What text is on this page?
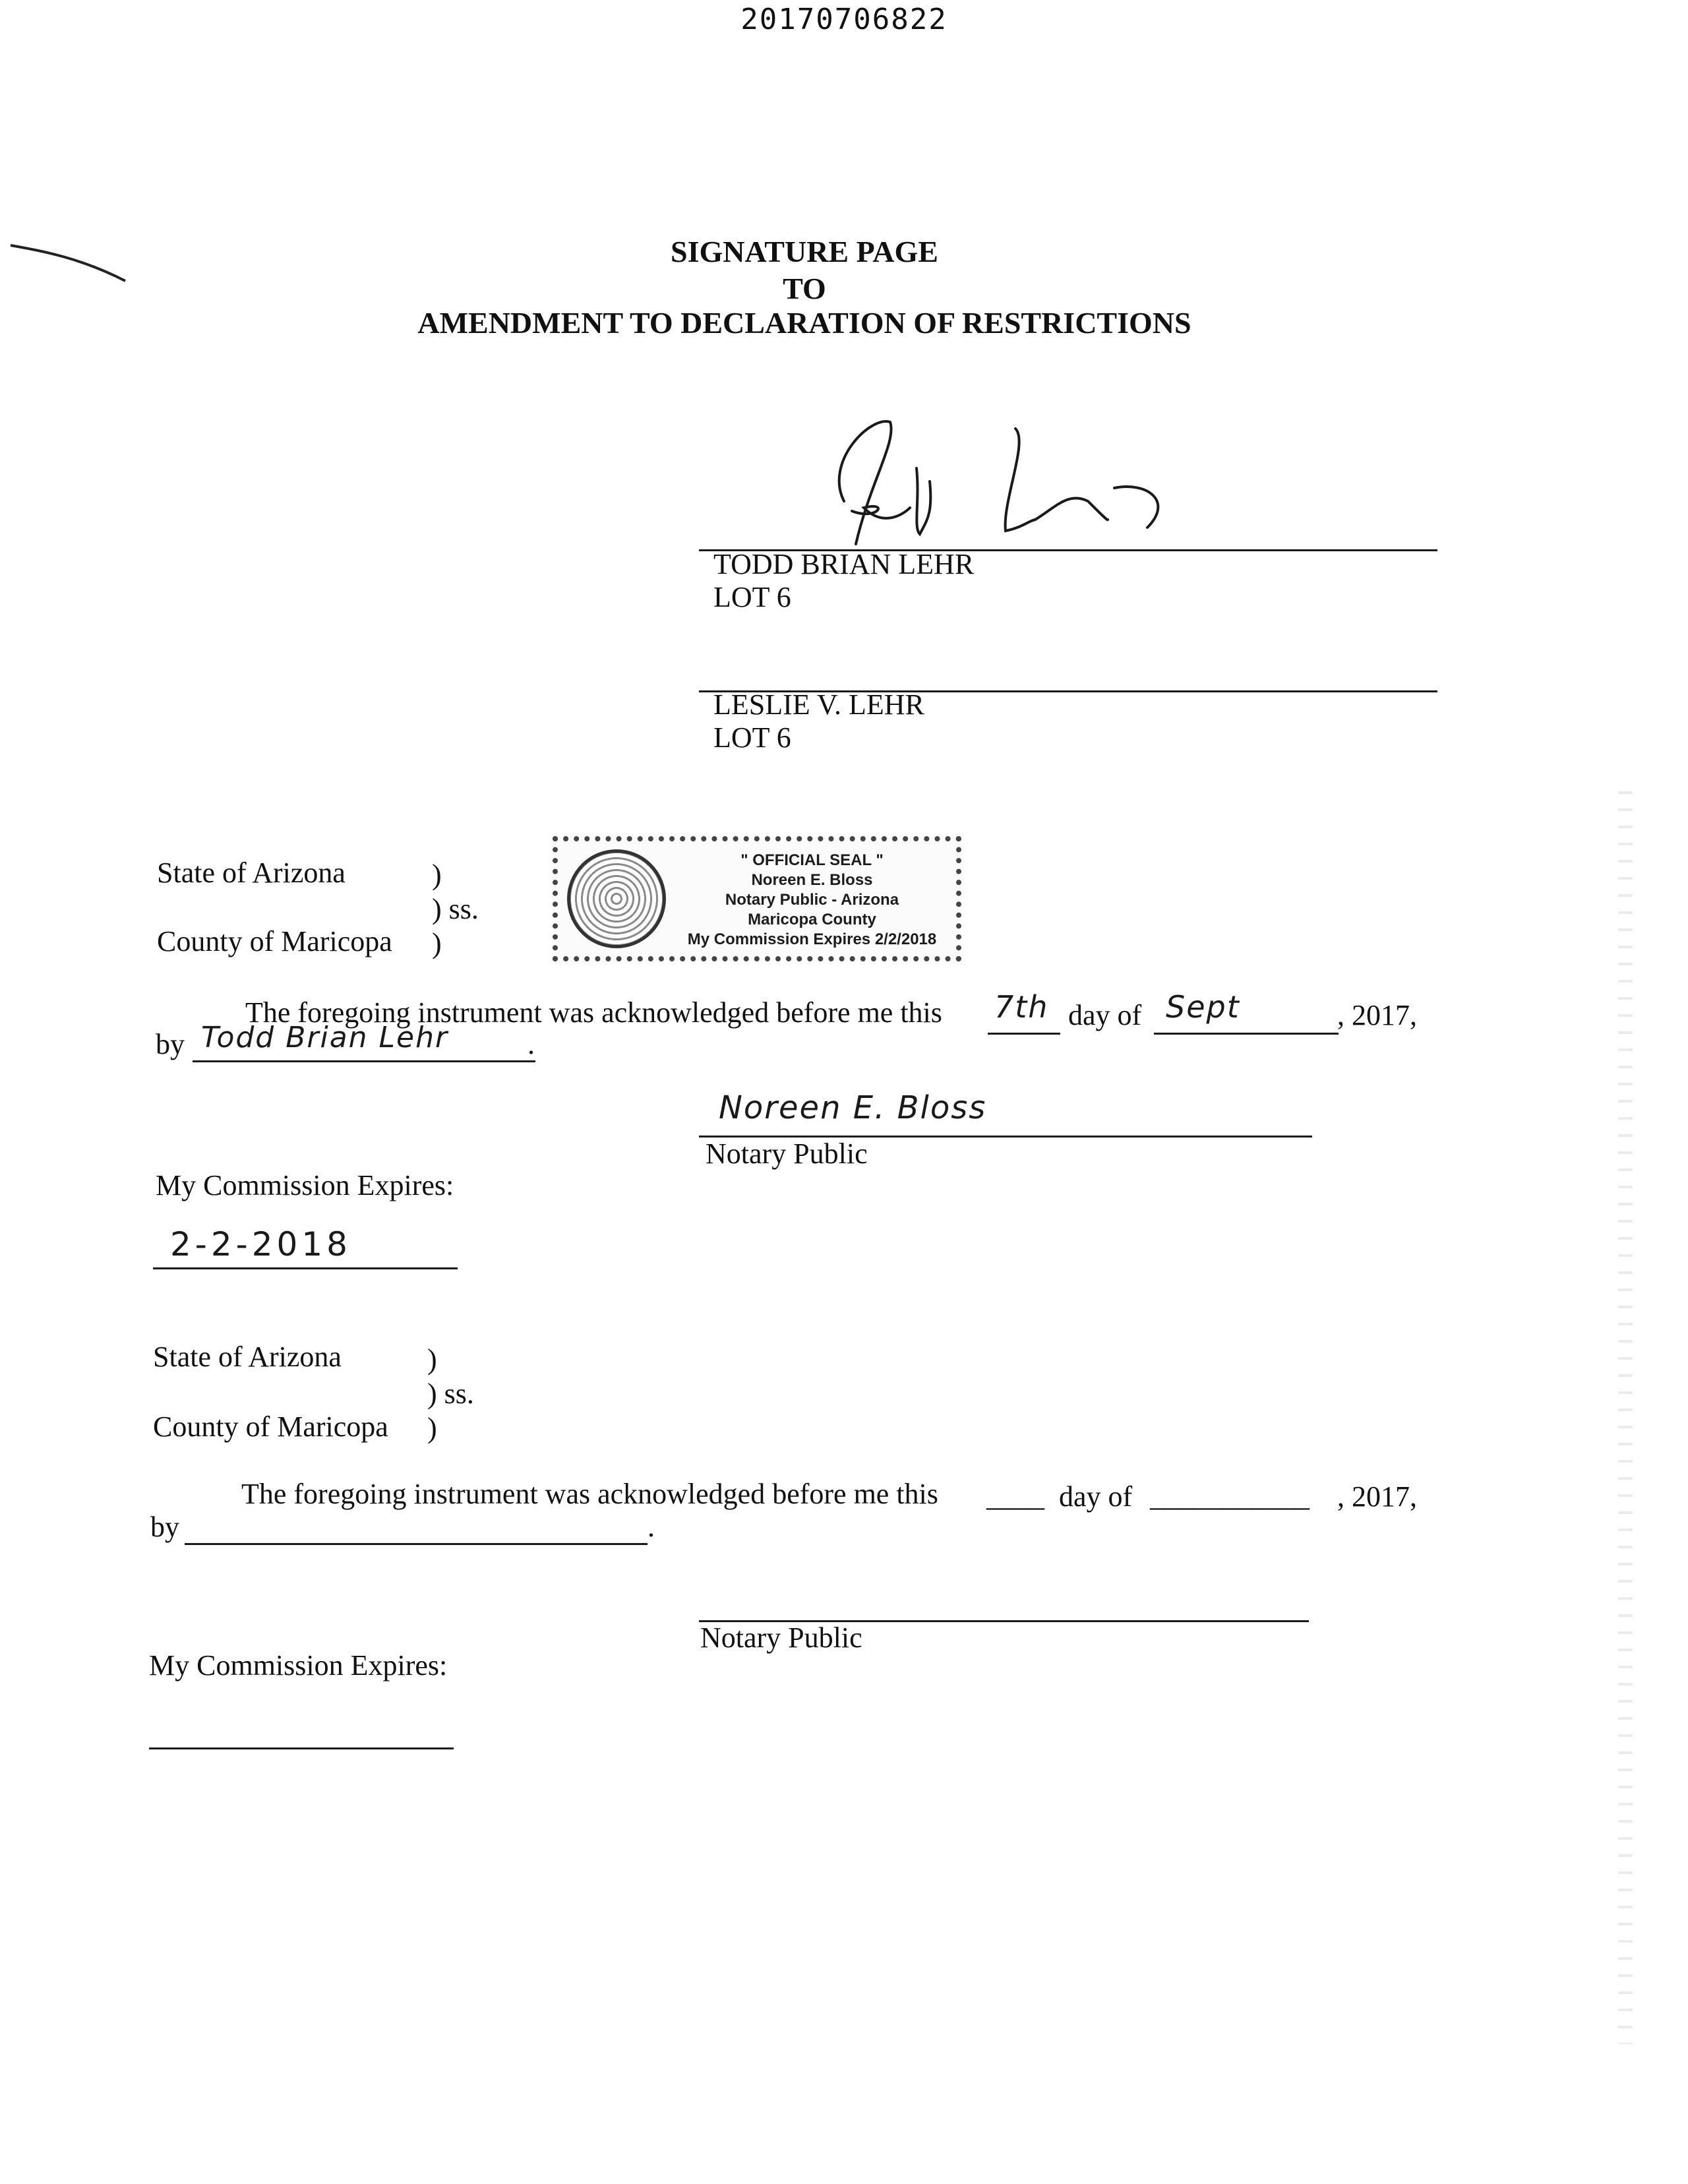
20170706822
SIGNATURE PAGE
TO
AMENDMENT TO DECLARATION OF RESTRICTIONS
Todd Lehr
TODD BRIAN LEHR
LOT 6
LESLIE V. LEHR
LOT 6
State of Arizona	)
) ss.
County of Maricopa )
" OFFICIAL SEAL "
Noreen E. Bloss
Notary Public - Arizona
Maricopa County
My Commission Expires 2/2/2018
The foregoing instrument was acknowledged before me this 7th day of Sept	, 2017,
by Todd Brian Lehr	.
Noreen E. Bloss
Notary Public
My Commission Expires:
2-2-2018
State of Arizona	)
) ss.
County of Maricopa )
The foregoing instrument was acknowledged before me this ____ day of ___________ , 2017,
by	.
Notary Public
My Commission Expires:
